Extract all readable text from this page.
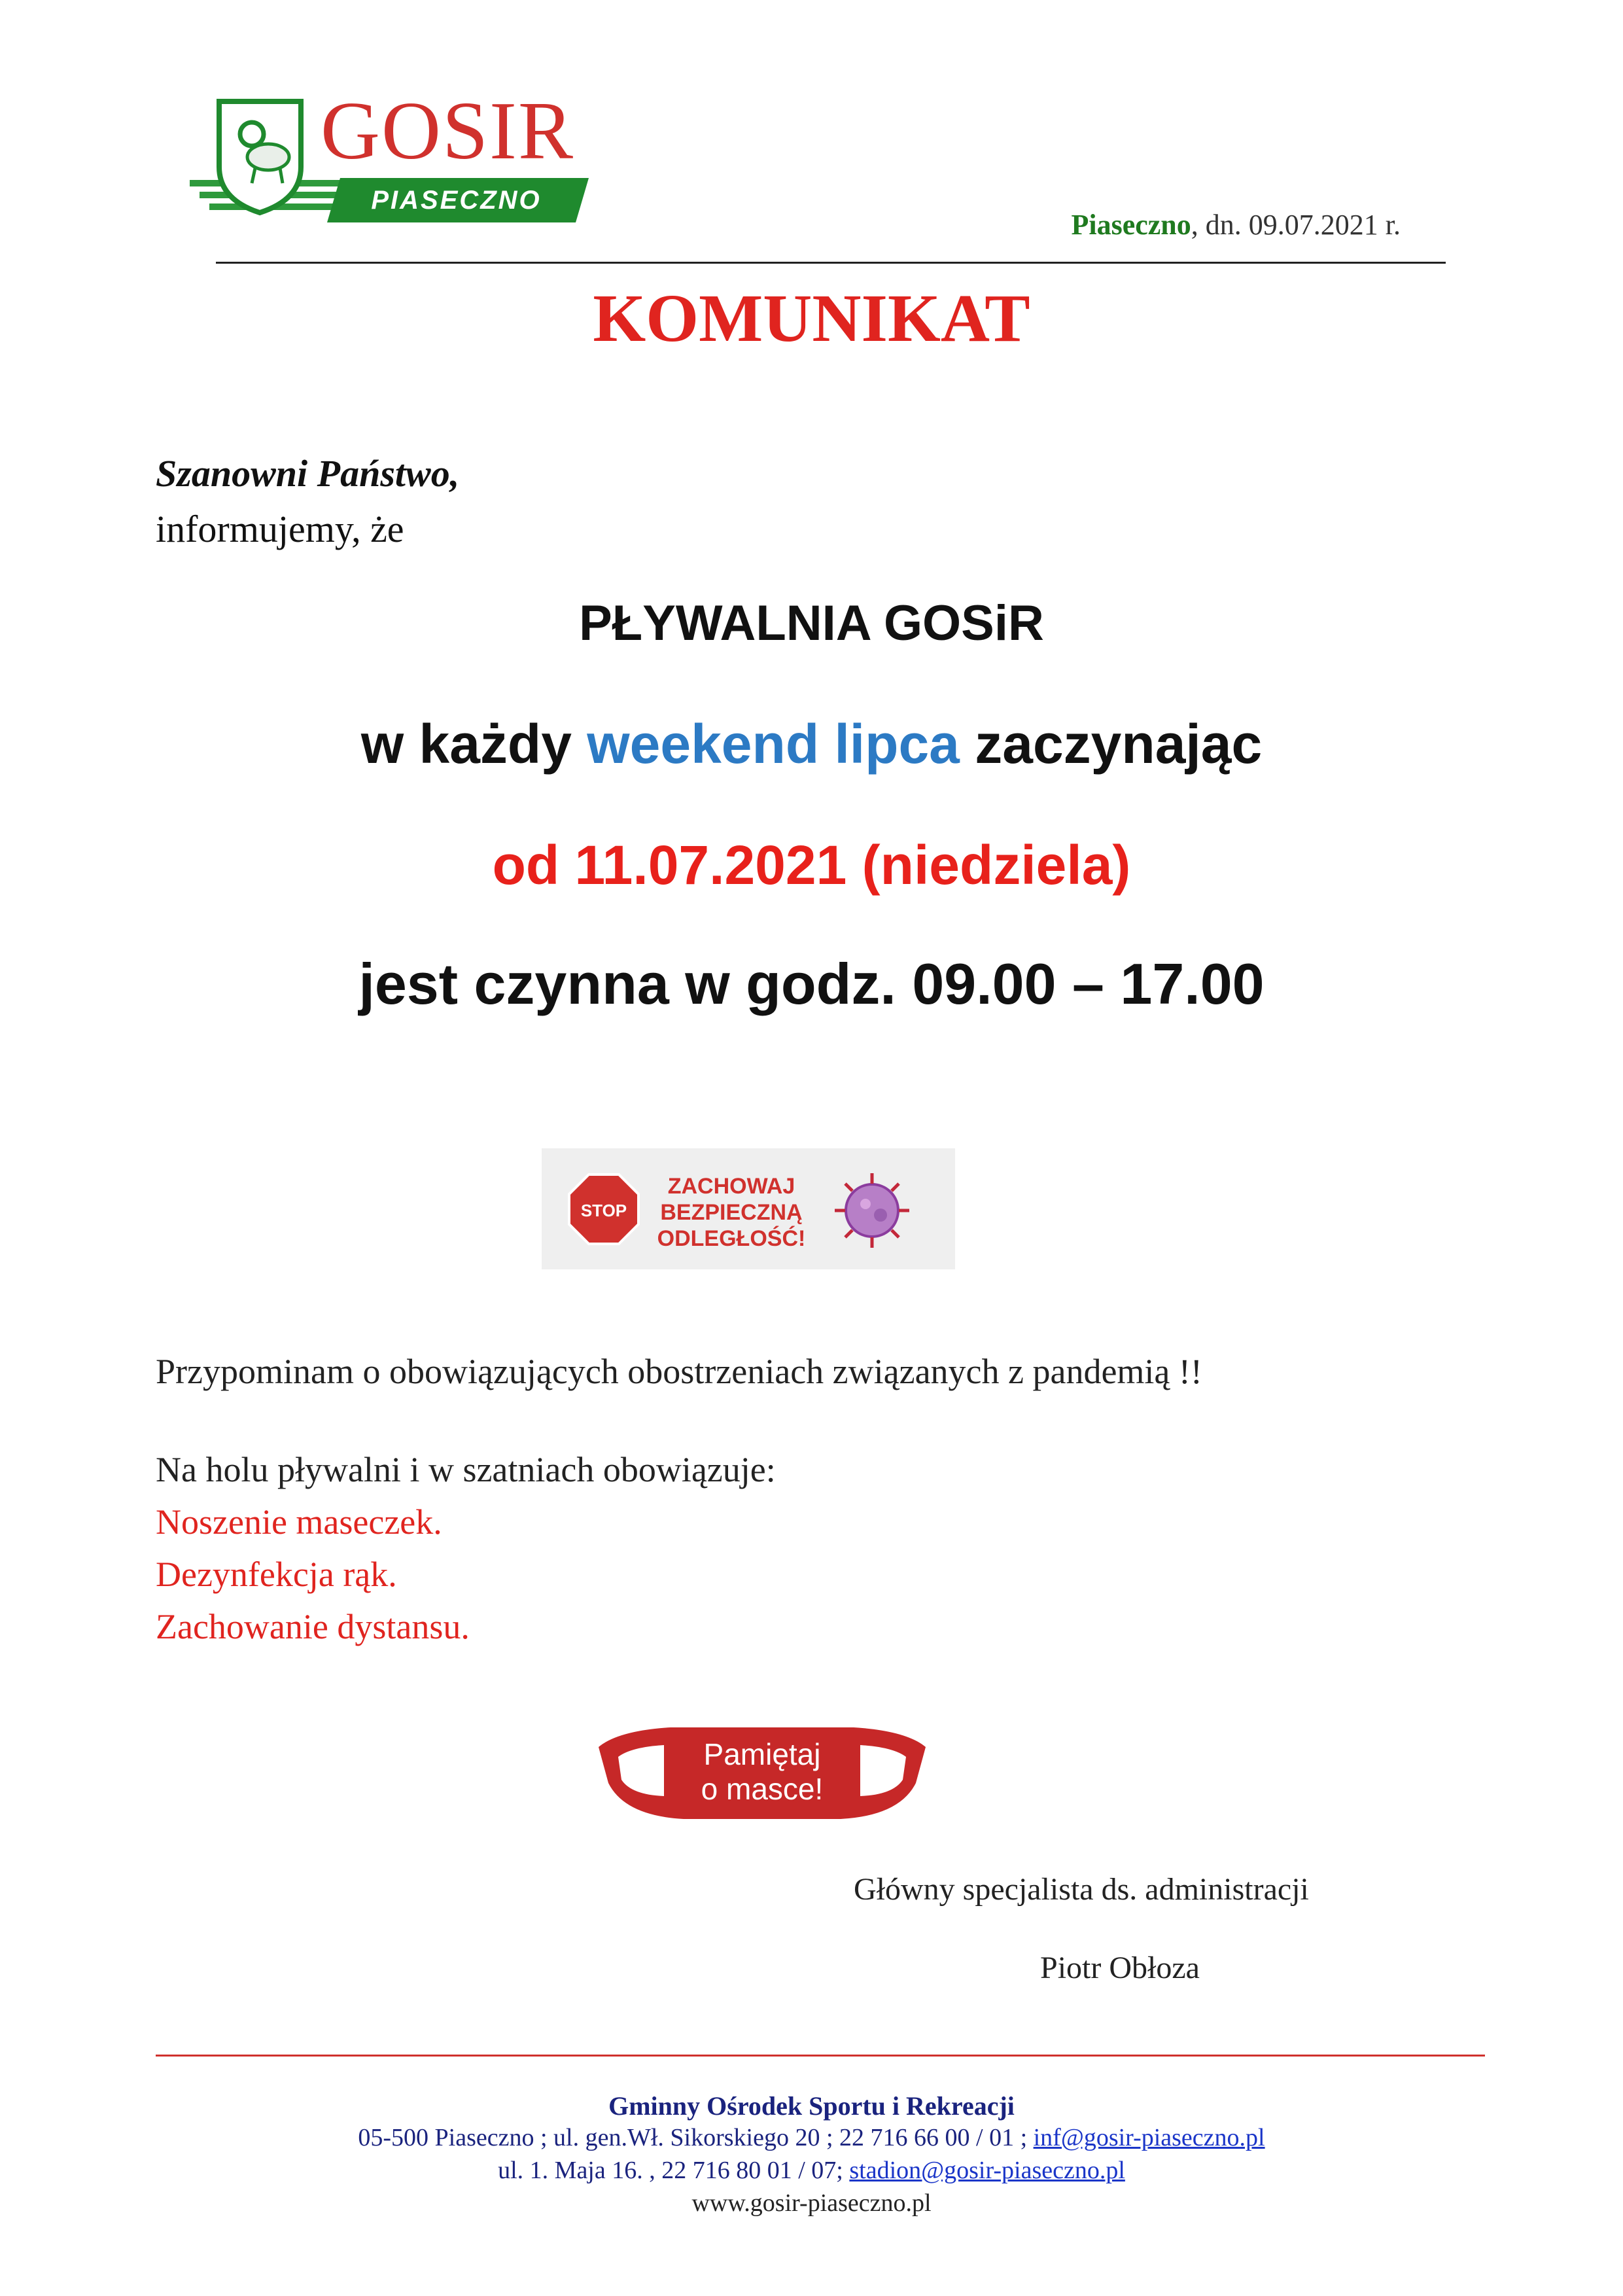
GOSIR
PIASECZNO
Piaseczno, dn. 09.07.2021 r.
KOMUNIKAT
Szanowni Państwo,
informujemy, że
PŁYWALNIA GOSiR
w każdy weekend lipca zaczynając
od 11.07.2021 (niedziela)
jest czynna w godz. 09.00 – 17.00
STOP
ZACHOWAJ
BEZPIECZNĄ
ODLEGŁOŚĆ!
Przypominam o obowiązujących obostrzeniach związanych z pandemią !!
Na holu pływalni i w szatniach obowiązuje:
Noszenie maseczek.
Dezynfekcja rąk.
Zachowanie dystansu.
Pamiętaj
o masce!
Główny specjalista ds. administracji
Piotr Obłoza
Gminny Ośrodek Sportu i Rekreacji
05-500 Piaseczno ; ul. gen.Wł. Sikorskiego 20 ; 22 716 66 00 / 01 ; inf@gosir-piaseczno.pl
ul. 1. Maja 16. , 22 716 80 01 / 07; stadion@gosir-piaseczno.pl
www.gosir-piaseczno.pl
